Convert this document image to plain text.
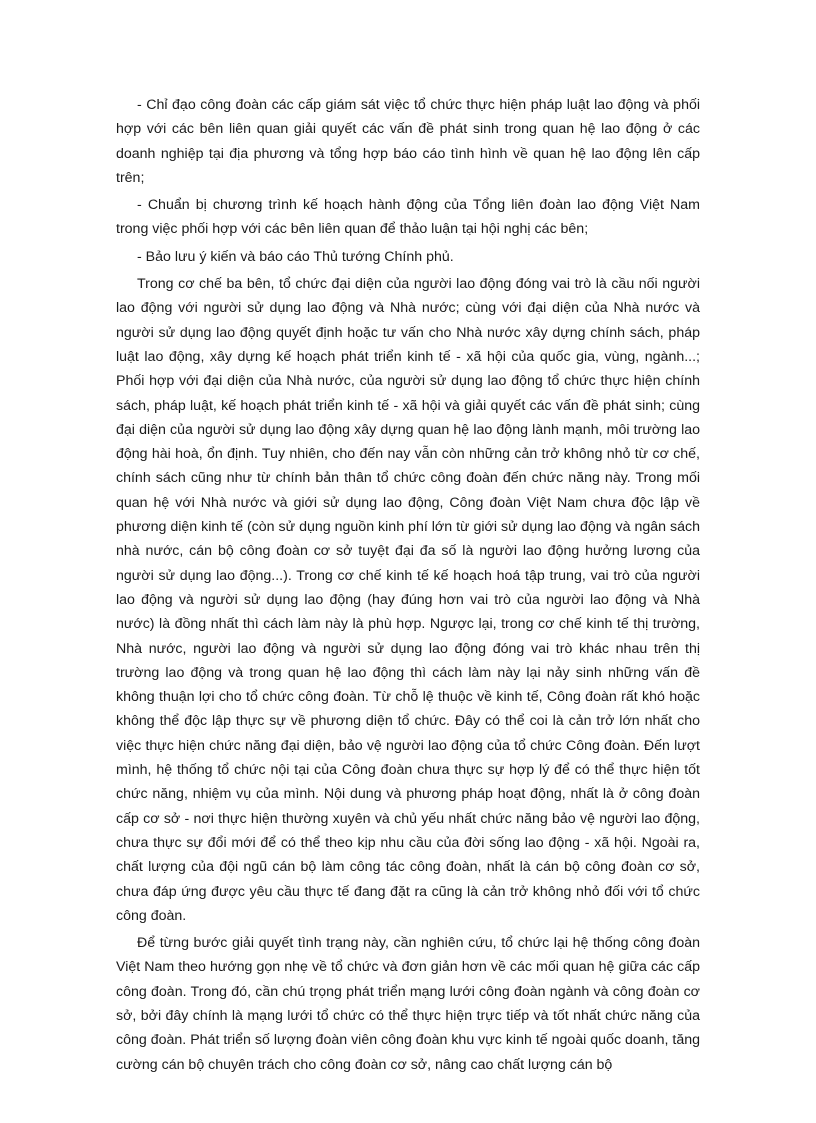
- Chỉ đạo công đoàn các cấp giám sát việc tổ chức thực hiện pháp luật lao động và phối hợp với các bên liên quan giải quyết các vấn đề phát sinh trong quan hệ lao động ở các doanh nghiệp tại địa phương và tổng hợp báo cáo tình hình về quan hệ lao động lên cấp trên;

- Chuẩn bị chương trình kế hoạch hành động của Tổng liên đoàn lao động Việt Nam trong việc phối hợp với các bên liên quan để thảo luận tại hội nghị các bên;

- Bảo lưu ý kiến và báo cáo Thủ tướng Chính phủ.

Trong cơ chế ba bên, tổ chức đại diện của người lao động đóng vai trò là cầu nối người lao động với người sử dụng lao động và Nhà nước; cùng với đại diện của Nhà nước và người sử dụng lao động quyết định hoặc tư vấn cho Nhà nước xây dựng chính sách, pháp luật lao động, xây dựng kế hoạch phát triển kinh tế - xã hội của quốc gia, vùng, ngành...; Phối hợp với đại diện của Nhà nước, của người sử dụng lao động tổ chức thực hiện chính sách, pháp luật, kế hoạch phát triển kinh tế - xã hội và giải quyết các vấn đề phát sinh; cùng đại diện của người sử dụng lao động xây dựng quan hệ lao động lành mạnh, môi trường lao động hài hoà, ổn định. Tuy nhiên, cho đến nay vẫn còn những cản trở không nhỏ từ cơ chế, chính sách cũng như từ chính bản thân tổ chức công đoàn đến chức năng này. Trong mối quan hệ với Nhà nước và giới sử dụng lao động, Công đoàn Việt Nam chưa độc lập về phương diện kinh tế (còn sử dụng nguồn kinh phí lớn từ giới sử dụng lao động và ngân sách nhà nước, cán bộ công đoàn cơ sở tuyệt đại đa số là người lao động hưởng lương của người sử dụng lao động...). Trong cơ chế kinh tế kế hoạch hoá tập trung, vai trò của người lao động và người sử dụng lao động (hay đúng hơn vai trò của người lao động và Nhà nước) là đồng nhất thì cách làm này là phù hợp. Ngược lại, trong cơ chế kinh tế thị trường, Nhà nước, người lao động và người sử dụng lao động đóng vai trò khác nhau trên thị trường lao động và trong quan hệ lao động thì cách làm này lại nảy sinh những vấn đề không thuận lợi cho tổ chức công đoàn. Từ chỗ lệ thuộc về kinh tế, Công đoàn rất khó hoặc không thể độc lập thực sự về phương diện tổ chức. Đây có thể coi là cản trở lớn nhất cho việc thực hiện chức năng đại diện, bảo vệ người lao động của tổ chức Công đoàn. Đến lượt mình, hệ thống tổ chức nội tại của Công đoàn chưa thực sự hợp lý để có thể thực hiện tốt chức năng, nhiệm vụ của mình. Nội dung và phương pháp hoạt động, nhất là ở công đoàn cấp cơ sở - nơi thực hiện thường xuyên và chủ yếu nhất chức năng bảo vệ người lao động, chưa thực sự đổi mới để có thể theo kịp nhu cầu của đời sống lao động - xã hội. Ngoài ra, chất lượng của đội ngũ cán bộ làm công tác công đoàn, nhất là cán bộ công đoàn cơ sở, chưa đáp ứng được yêu cầu thực tế đang đặt ra cũng là cản trở không nhỏ đối với tổ chức công đoàn.

Để từng bước giải quyết tình trạng này, cần nghiên cứu, tổ chức lại hệ thống công đoàn Việt Nam theo hướng gọn nhẹ về tổ chức và đơn giản hơn về các mối quan hệ giữa các cấp công đoàn. Trong đó, cần chú trọng phát triển mạng lưới công đoàn ngành và công đoàn cơ sở, bởi đây chính là mạng lưới tổ chức có thể thực hiện trực tiếp và tốt nhất chức năng của công đoàn. Phát triển số lượng đoàn viên công đoàn khu vực kinh tế ngoài quốc doanh, tăng cường cán bộ chuyên trách cho công đoàn cơ sở, nâng cao chất lượng cán bộ
